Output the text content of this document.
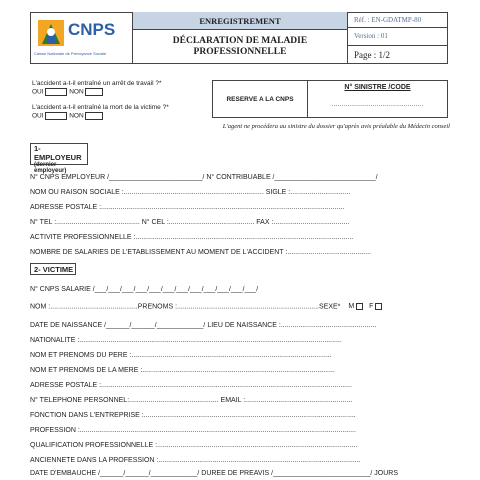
CNPS
Caisse Nationale de Prévoyance Sociale
ENREGISTREMENT
DÉCLARATION DE MALADIE PROFESSIONNELLE
Réf. : EN-GDATMP-80
Version : 01
Page : 1/2
L'accident a-t-il entraîné un arrêt de travail ?*
OUI	NON
L'accident a-t-il entraîné la mort de la victime ?*
OUI	NON
RESERVE A LA CNPS
N° SINISTRE /CODE
...............................................
L'agent ne procédera au sinistre du dossier qu'après avis préalable du Médecin conseil
1- EMPLOYEUR
(dernier employeur)
N° CNPS EMPLOYEUR /________________________/ N° CONTRIBUABLE /__________________________/
NOM OU RAISON SOCIALE :........................................................................ SIGLE :...............................
ADRESSE POSTALE :.............................................................................................................................
N° TEL :........................................... N° CEL :............................................ FAX :.......................................
ACTIVITÉ PROFESSIONNELLE :................................................................................................................
NOMBRE DE SALARIÉS DE L'ÉTABLISSEMENT AU MOMENT DE L'ACCIDENT :...........................................
2- VICTIME
N° CNPS SALARIE /___/___/___/___/___/___/___/___/___/___/___/___/
NOM :.............................................PRENOMS :.........................................................................SEXE* M F
DATE DE NAISSANCE /______/______/____________/ LIEU DE NAISSANCE :.................................................
NATIONALITE :.......................................................................................................................................
NOM ET PRENOMS DU PÈRE :.......................................................................................................
NOM ET PRENOMS DE LA MERE :...................................................................................................
ADRESSE POSTALE :.................................................................................................................................
N° TELEPHONE PERSONNEL:.............................................. EMAIL :.......................................................
FONCTION DANS L'ENTREPRISE :.............................................................................................................
PROFESSION :..............................................................................................................................................
QUALIFICATION PROFESSIONNELLE :.......................................................................................................
ANCIENNETE DANS LA PROFESSION :........................................................................................................
DATE D'EMBAUCHE /______/______/____________/ DUREE DE PREAVIS /_________________________/ JOURS
